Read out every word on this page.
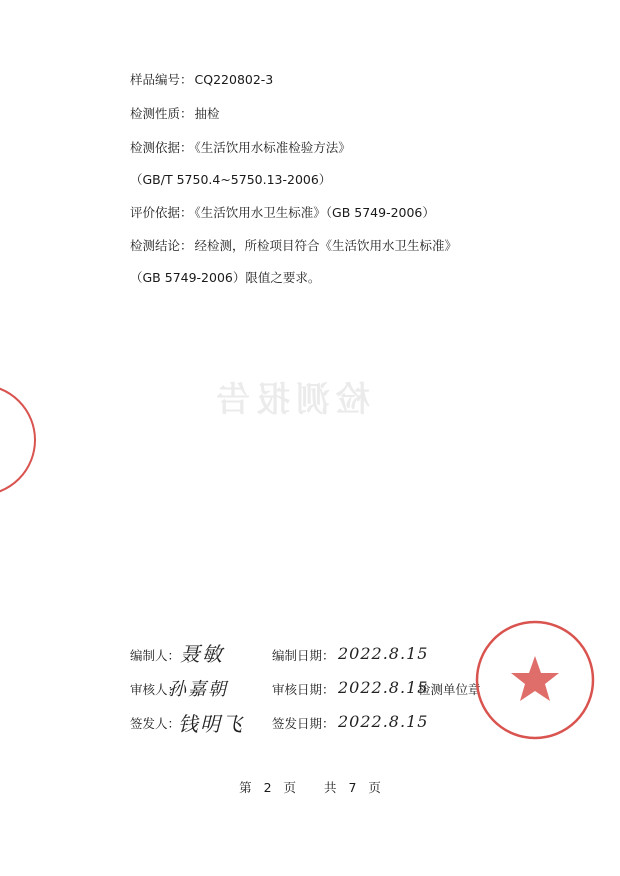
检测报告
样品编号： CQ220802-3
检测性质： 抽检
检测依据： 《生活饮用水标准检验方法》
（GB/T 5750.4~5750.13-2006）
评价依据： 《生活饮用水卫生标准》（GB 5749-2006）
检测结论： 经检测，所检项目符合《生活饮用水卫生标准》
（GB 5749-2006）限值之要求。
编制人： 聂敏	编制日期： 2022.8.15
审核人：
孙嘉朝	审核日期： 2022.8.15
检测单位章
签发人：
钱明飞 签发日期： 2022.8.15
第 2 页 共 7 页
